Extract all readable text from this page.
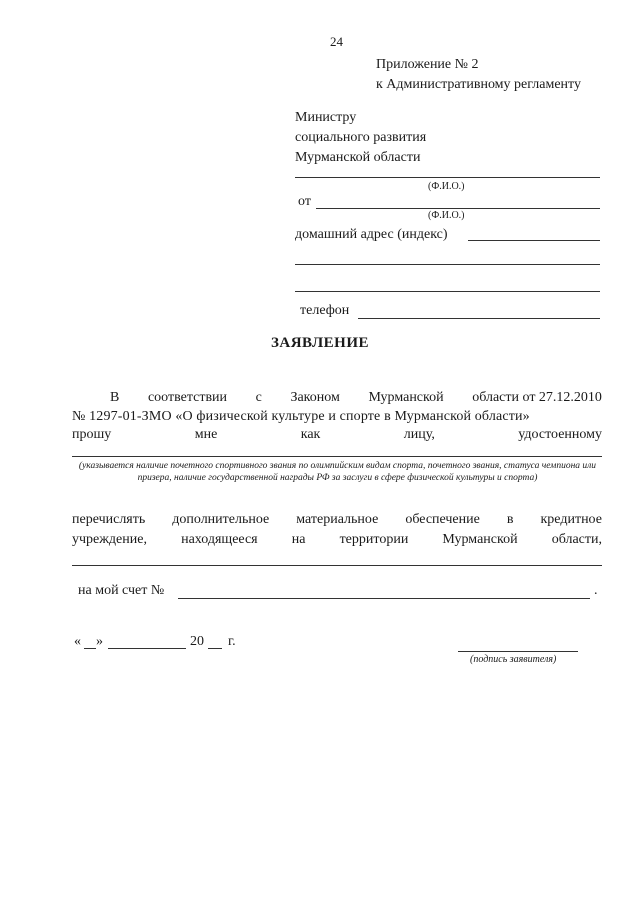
24
Приложение № 2
к Административному регламенту
Министру
социального развития
Мурманской области
(Ф.И.О.)
от
(Ф.И.О.)
домашний адрес (индекс)
телефон
ЗАЯВЛЕНИЕ
В соответствии с Законом Мурманской области от 27.12.2010
№ 1297-01-ЗМО «О физической культуре и спорте в Мурманской области»
прошу	мне	как	лицу,	удостоенному
(указывается наличие почетного спортивного звания по олимпийским видам спорта, почетного звания, статуса чемпиона или призера, наличие государственной награды РФ за заслуги в сфере физической культуры и спорта)
перечислять дополнительное материальное обеспечение в кредитное
учреждение, находящееся на территории Мурманской области,
на мой счет №	.
« »	20 г.
(подпись заявителя)
